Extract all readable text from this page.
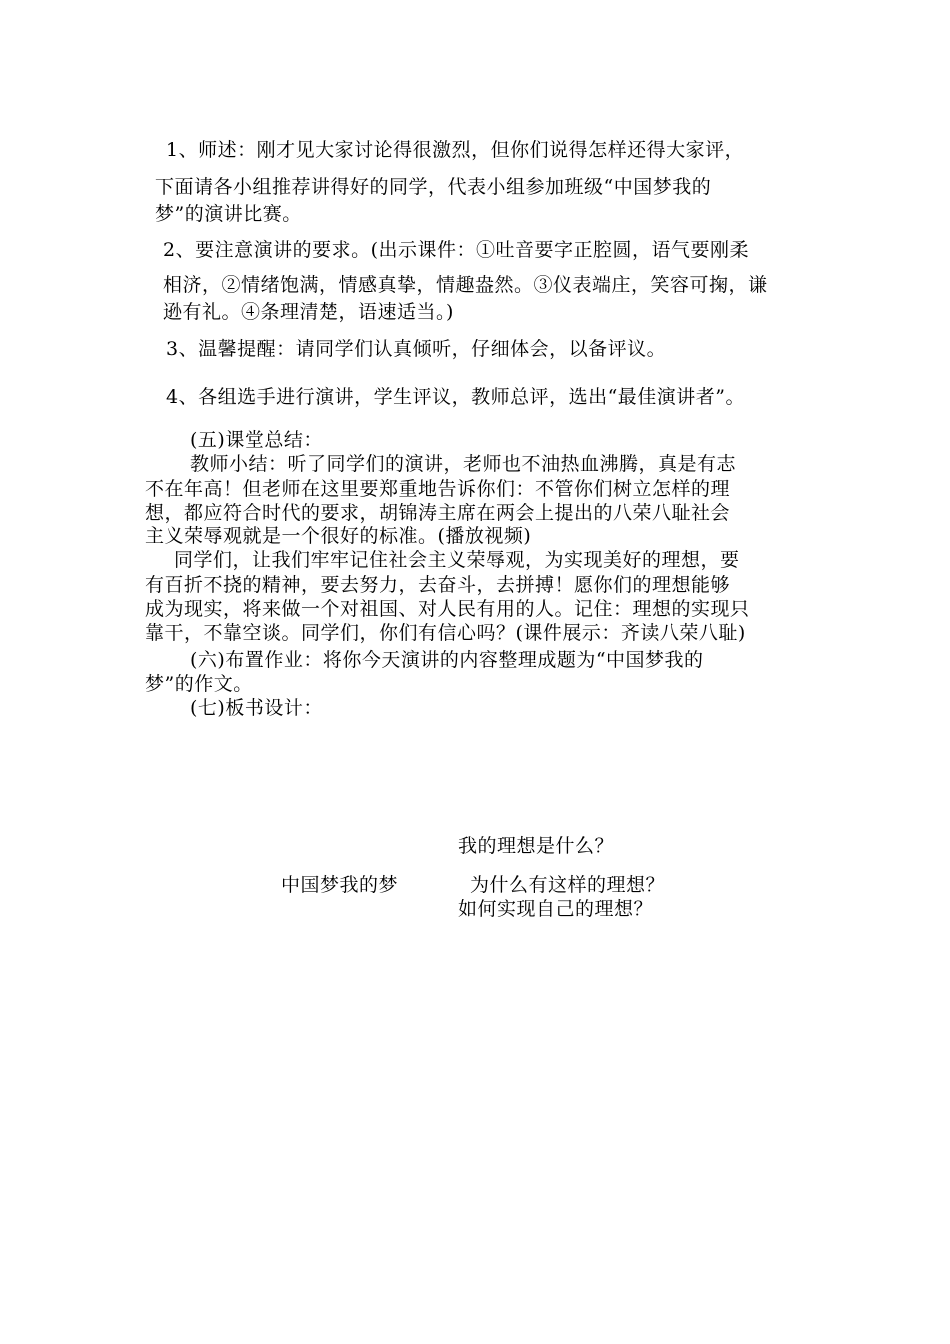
1、师述：刚才见大家讨论得很激烈，但你们说得怎样还得大家评，
下面请各小组推荐讲得好的同学，代表小组参加班级“中国梦我的
梦”的演讲比赛。
2、要注意演讲的要求。(出示课件：①吐音要字正腔圆，语气要刚柔
相济，②情绪饱满，情感真挚，情趣盎然。③仪表端庄，笑容可掬，谦
逊有礼。④条理清楚，语速适当。)
3、温馨提醒：请同学们认真倾听，仔细体会，以备评议。
4、各组选手进行演讲，学生评议，教师总评，选出“最佳演讲者”。
(五)课堂总结：
教师小结：听了同学们的演讲，老师也不油热血沸腾，真是有志
不在年高！但老师在这里要郑重地告诉你们：不管你们树立怎样的理
想，都应符合时代的要求，胡锦涛主席在两会上提出的八荣八耻社会
主义荣辱观就是一个很好的标准。(播放视频)
同学们，让我们牢牢记住社会主义荣辱观，为实现美好的理想，要
有百折不挠的精神，要去努力，去奋斗，去拼搏！愿你们的理想能够
成为现实，将来做一个对祖国、对人民有用的人。记住：理想的实现只
靠干，不靠空谈。同学们，你们有信心吗？(课件展示：齐读八荣八耻)
(六)布置作业：将你今天演讲的内容整理成题为“中国梦我的
梦”的作文。
(七)板书设计：
我的理想是什么？
中国梦我的梦	为什么有这样的理想？
如何实现自己的理想？
